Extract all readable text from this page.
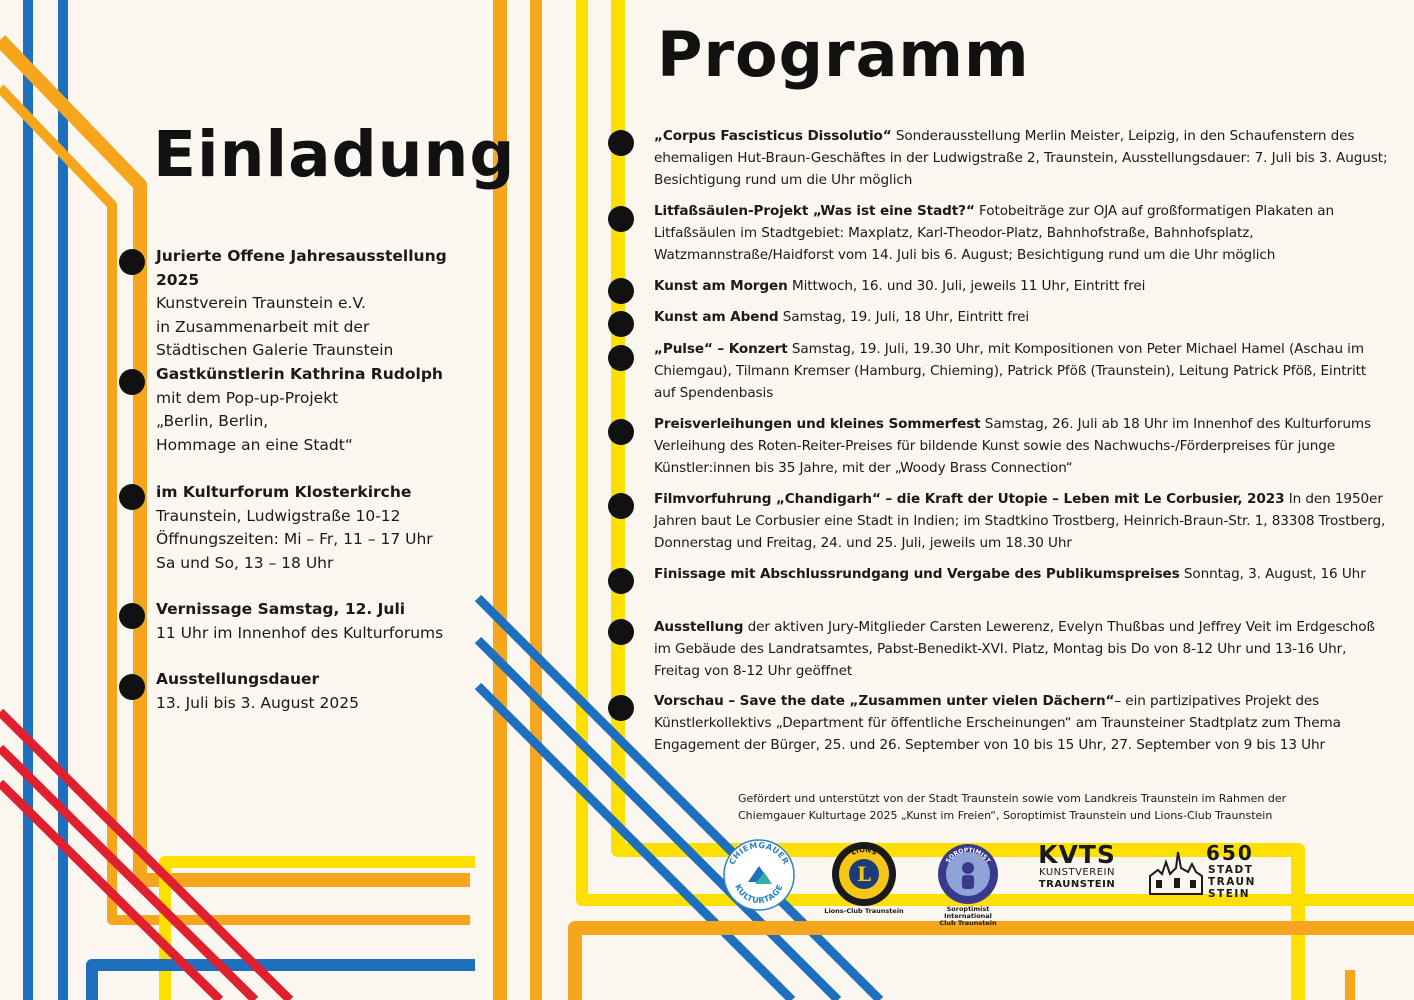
Einladung
Jurierte Offene Jahresausstellung 2025
Kunstverein Traunstein e.V.
in Zusammenarbeit mit der
Städtischen Galerie Traunstein
Gastkünstlerin Kathrina Rudolph
mit dem Pop-up-Projekt
„Berlin, Berlin,
Hommage an eine Stadt“
im Kulturforum Klosterkirche
Traunstein, Ludwigstraße 10-12
Öffnungszeiten: Mi – Fr, 11 – 17 Uhr
Sa und So, 13 – 18 Uhr
Vernissage Samstag, 12. Juli
11 Uhr im Innenhof des Kulturforums
Ausstellungsdauer
13. Juli bis 3. August 2025
Programm
„Corpus Fascisticus Dissolutio“ Sonderausstellung Merlin Meister, Leipzig, in den Schaufenstern des ehemaligen Hut-Braun-Geschäftes in der Ludwigstraße 2, Traunstein, Ausstellungsdauer: 7. Juli bis 3. August; Besichtigung rund um die Uhr möglich
Litfaßsäulen-Projekt „Was ist eine Stadt?“ Fotobeiträge zur OJA auf großformatigen Plakaten an Litfaßsäulen im Stadtgebiet: Maxplatz, Karl-Theodor-Platz, Bahnhofstraße, Bahnhofsplatz, Watzmannstraße/Haidforst vom 14. Juli bis 6. August; Besichtigung rund um die Uhr möglich
Kunst am Morgen Mittwoch, 16. und 30. Juli, jeweils 11 Uhr, Eintritt frei
Kunst am Abend Samstag, 19. Juli, 18 Uhr, Eintritt frei
„Pulse“ – Konzert Samstag, 19. Juli, 19.30 Uhr, mit Kompositionen von Peter Michael Hamel (Aschau im Chiemgau), Tilmann Kremser (Hamburg, Chieming), Patrick Pföß (Traunstein), Leitung Patrick Pföß, Eintritt auf Spendenbasis
Preisverleihungen und kleines Sommerfest Samstag, 26. Juli ab 18 Uhr im Innenhof des Kulturforums Verleihung des Roten-Reiter-Preises für bildende Kunst sowie des Nachwuchs-/Förderpreises für junge Künstler:innen bis 35 Jahre, mit der „Woody Brass Connection“
Filmvorfuhrung „Chandigarh“ – die Kraft der Utopie – Leben mit Le Corbusier, 2023 In den 1950er Jahren baut Le Corbusier eine Stadt in Indien; im Stadtkino Trostberg, Heinrich-Braun-Str. 1, 83308 Trostberg, Donnerstag und Freitag, 24. und 25. Juli, jeweils um 18.30 Uhr
Finissage mit Abschlussrundgang und Vergabe des Publikumspreises Sonntag, 3. August, 16 Uhr
Ausstellung der aktiven Jury-Mitglieder Carsten Lewerenz, Evelyn Thußbas und Jeffrey Veit im Erdgeschoß im Gebäude des Landratsamtes, Pabst-Benedikt-XVI. Platz, Montag bis Do von 8-12 Uhr und 13-16 Uhr, Freitag von 8-12 Uhr geöffnet
Vorschau – Save the date „Zusammen unter vielen Dächern“– ein partizipatives Projekt des Künstlerkollektivs „Department für öffentliche Erscheinungen“ am Traunsteiner Stadtplatz zum Thema Engagement der Bürger, 25. und 26. September von 10 bis 15 Uhr, 27. September von 9 bis 13 Uhr
Gefördert und unterstützt von der Stadt Traunstein sowie vom Landkreis Traunstein im Rahmen der Chiemgauer Kulturtage 2025 „Kunst im Freien“, Soroptimist Traunstein und Lions-Club Traunstein
CHIEMGAUER
KULTURTAGE
LIONS
L
Lions-Club Traunstein
SOROPTIMIST
Soroptimist International
Club Traunstein
KVTS
KUNSTVEREIN
TRAUNSTEIN
650
STADT TRAUN STEIN
